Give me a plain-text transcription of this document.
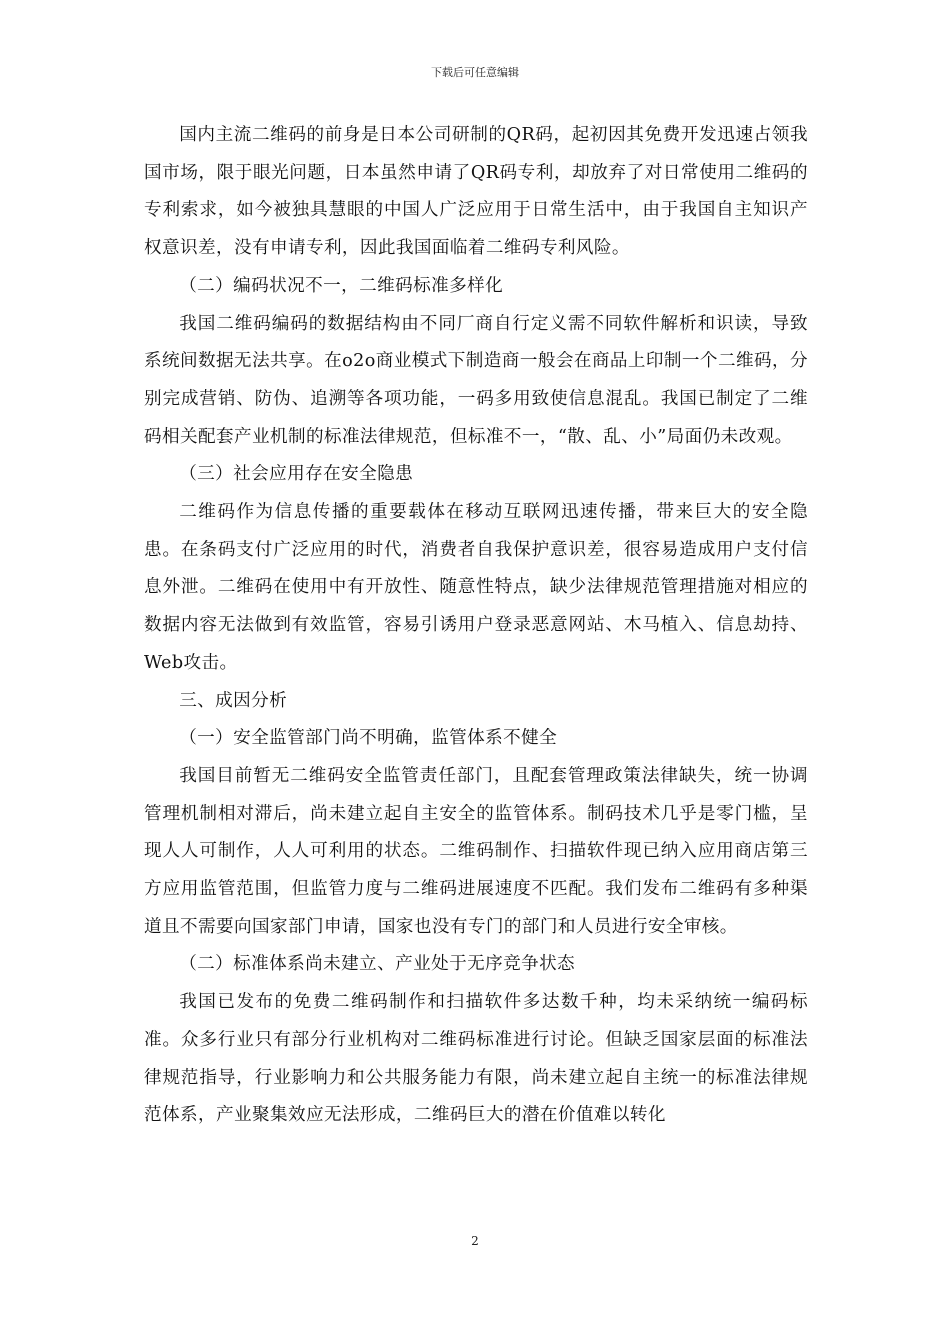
下载后可任意编辑

国内主流二维码的前身是日本公司研制的QR码，起初因其免费开发迅速占领我国市场，限于眼光问题，日本虽然申请了QR码专利，却放弃了对日常使用二维码的专利索求，如今被独具慧眼的中国人广泛应用于日常生活中，由于我国自主知识产权意识差，没有申请专利，因此我国面临着二维码专利风险。

（二）编码状况不一，二维码标准多样化

我国二维码编码的数据结构由不同厂商自行定义需不同软件解析和识读，导致系统间数据无法共享。在o2o商业模式下制造商一般会在商品上印制一个二维码，分别完成营销、防伪、追溯等各项功能，一码多用致使信息混乱。我国已制定了二维码相关配套产业机制的标准法律规范，但标准不一，“散、乱、小”局面仍未改观。

（三）社会应用存在安全隐患

二维码作为信息传播的重要载体在移动互联网迅速传播，带来巨大的安全隐患。在条码支付广泛应用的时代，消费者自我保护意识差，很容易造成用户支付信息外泄。二维码在使用中有开放性、随意性特点，缺少法律规范管理措施对相应的数据内容无法做到有效监管，容易引诱用户登录恶意网站、木马植入、信息劫持、Web攻击。

三、成因分析

（一）安全监管部门尚不明确，监管体系不健全

我国目前暂无二维码安全监管责任部门，且配套管理政策法律缺失，统一协调管理机制相对滞后，尚未建立起自主安全的监管体系。制码技术几乎是零门槛，呈现人人可制作，人人可利用的状态。二维码制作、扫描软件现已纳入应用商店第三方应用监管范围，但监管力度与二维码进展速度不匹配。我们发布二维码有多种渠道且不需要向国家部门申请，国家也没有专门的部门和人员进行安全审核。

（二）标准体系尚未建立、产业处于无序竞争状态

我国已发布的免费二维码制作和扫描软件多达数千种，均未采纳统一编码标准。众多行业只有部分行业机构对二维码标准进行讨论。但缺乏国家层面的标准法律规范指导，行业影响力和公共服务能力有限，尚未建立起自主统一的标准法律规范体系，产业聚集效应无法形成，二维码巨大的潜在价值难以转化

2
